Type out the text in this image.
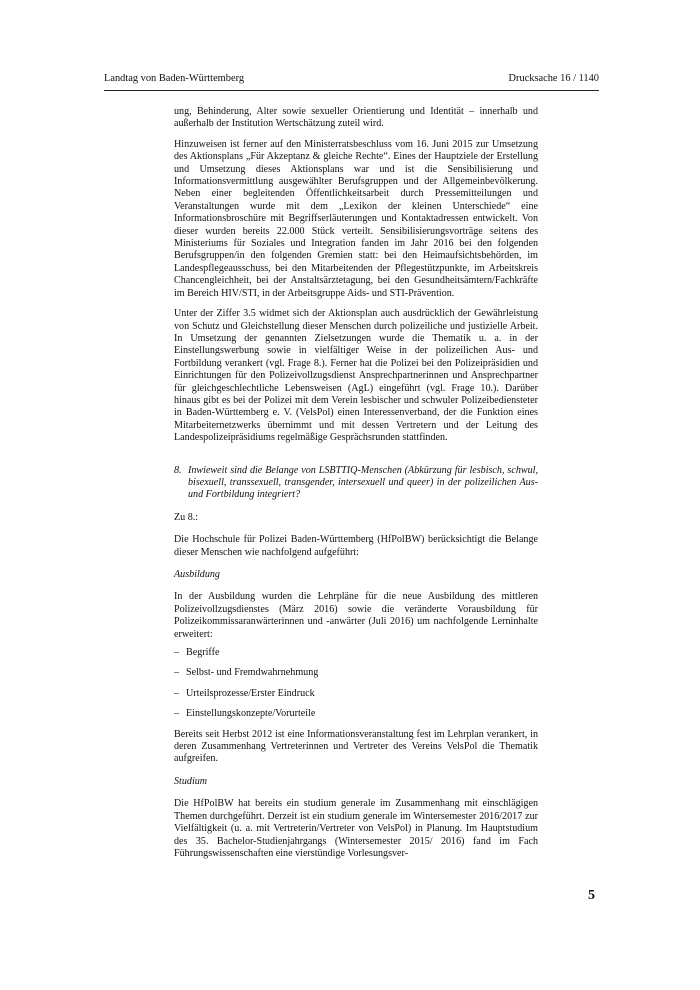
Landtag von Baden-Württemberg	Drucksache 16 / 1140

ung, Behinderung, Alter sowie sexueller Orientierung und Identität – innerhalb und außerhalb der Institution Wertschätzung zuteil wird.

Hinzuweisen ist ferner auf den Ministerratsbeschluss vom 16. Juni 2015 zur Umsetzung des Aktionsplans „Für Akzeptanz & gleiche Rechte“. Eines der Hauptziele der Erstellung und Umsetzung dieses Aktionsplans war und ist die Sensibilisierung und Informationsvermittlung ausgewählter Berufsgruppen und der Allgemeinbevölkerung. Neben einer begleitenden Öffentlichkeitsarbeit durch Pressemitteilungen und Veranstaltungen wurde mit dem „Lexikon der kleinen Unterschiede“ eine Informationsbroschüre mit Begriffserläuterungen und Kontaktadressen entwickelt. Von dieser wurden bereits 22.000 Stück verteilt. Sensibilisierungsvorträge seitens des Ministeriums für Soziales und Integration fanden im Jahr 2016 bei den folgenden Berufsgruppen/in den folgenden Gremien statt: bei den Heimaufsichtsbehörden, im Landespflegeausschuss, bei den Mitarbeitenden der Pflegestützpunkte, im Arbeitskreis Chancengleichheit, bei der Anstaltsärztetagung, bei den Gesundheitsämtern/Fachkräfte im Bereich HIV/STI, in der Arbeitsgruppe Aids- und STI-Prävention.

Unter der Ziffer 3.5 widmet sich der Aktionsplan auch ausdrücklich der Gewährleistung von Schutz und Gleichstellung dieser Menschen durch polizeiliche und justizielle Arbeit. In Umsetzung der genannten Zielsetzungen wurde die Thematik u. a. in der Einstellungswerbung sowie in vielfältiger Weise in der polizeilichen Aus- und Fortbildung verankert (vgl. Frage 8.). Ferner hat die Polizei bei den Polizeipräsidien und Einrichtungen für den Polizeivollzugsdienst Ansprechpartnerinnen und Ansprechpartner für gleichgeschlechtliche Lebensweisen (AgL) eingeführt (vgl. Frage 10.). Darüber hinaus gibt es bei der Polizei mit dem Verein lesbischer und schwuler Polizeibediensteter in Baden-Württemberg e. V. (VelsPol) einen Interessenverband, der die Funktion eines Mitarbeiternetzwerks übernimmt und mit dessen Vertretern und der Leitung des Landespolizeipräsidiums regelmäßige Gesprächsrunden stattfinden.

8. Inwieweit sind die Belange von LSBTTIQ-Menschen (Abkürzung für lesbisch, schwul, bisexuell, transsexuell, transgender, intersexuell und queer) in der polizeilichen Aus- und Fortbildung integriert?

Zu 8.:

Die Hochschule für Polizei Baden-Württemberg (HfPolBW) berücksichtigt die Belange dieser Menschen wie nachfolgend aufgeführt:

Ausbildung

In der Ausbildung wurden die Lehrpläne für die neue Ausbildung des mittleren Polizeivollzugsdienstes (März 2016) sowie die veränderte Vorausbildung für Polizeikommissaranwärterinnen und -anwärter (Juli 2016) um nachfolgende Lerninhalte erweitert:

– Begriffe
– Selbst- und Fremdwahrnehmung
– Urteilsprozesse/Erster Eindruck
– Einstellungskonzepte/Vorurteile

Bereits seit Herbst 2012 ist eine Informationsveranstaltung fest im Lehrplan verankert, in deren Zusammenhang Vertreterinnen und Vertreter des Vereins VelsPol die Thematik aufgreifen.

Studium

Die HfPolBW hat bereits ein studium generale im Zusammenhang mit einschlägigen Themen durchgeführt. Derzeit ist ein studium generale im Wintersemester 2016/2017 zur Vielfältigkeit (u. a. mit Vertreterin/Vertreter von VelsPol) in Planung. Im Hauptstudium des 35. Bachelor-Studienjahrgangs (Wintersemester 2015/ 2016) fand im Fach Führungswissenschaften eine vierstündige Vorlesungsver-

5
